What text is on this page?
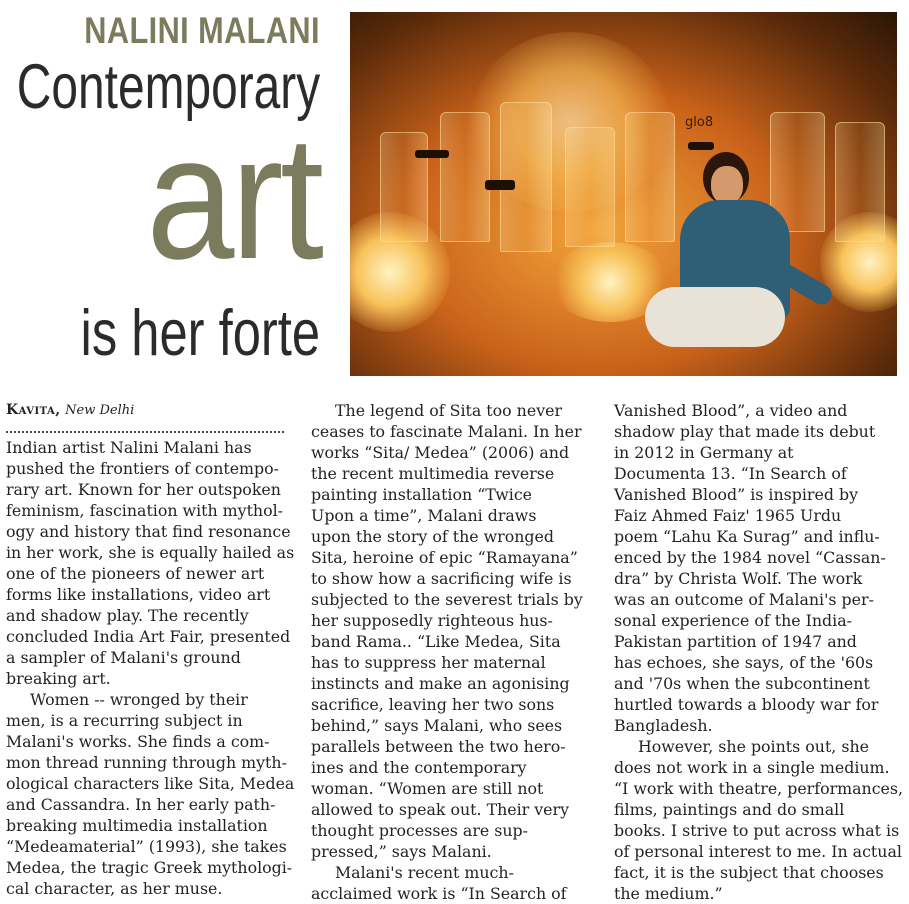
NALINI MALANI
Contemporary
art
is her forte
glo8
Kavita, New Delhi

Indian artist Nalini Malani has

pushed the frontiers of contempo-

rary art. Known for her outspoken

feminism, fascination with mythol-

ogy and history that find resonance

in her work, she is equally hailed as

one of the pioneers of newer art

forms like installations, video art

and shadow play. The recently

concluded India Art Fair, presented

a sampler of Malani's ground

breaking art.

Women -- wronged by their

men, is a recurring subject in

Malani's works. She finds a com-

mon thread running through myth-

ological characters like Sita, Medea

and Cassandra. In her early path-

breaking multimedia installation

“Medeamaterial” (1993), she takes

Medea, the tragic Greek mythologi-

cal character, as her muse.

The legend of Sita too never

ceases to fascinate Malani. In her

works “Sita/ Medea” (2006) and

the recent multimedia reverse

painting installation “Twice

Upon a time”, Malani draws

upon the story of the wronged

Sita, heroine of epic “Ramayana”

to show how a sacrificing wife is

subjected to the severest trials by

her supposedly righteous hus-

band Rama.. “Like Medea, Sita

has to suppress her maternal

instincts and make an agonising

sacrifice, leaving her two sons

behind,” says Malani, who sees

parallels between the two hero-

ines and the contemporary

woman. “Women are still not

allowed to speak out. Their very

thought processes are sup-

pressed,” says Malani.

Malani's recent much-

acclaimed work is “In Search of

Vanished Blood”, a video and

shadow play that made its debut

in 2012 in Germany at

Documenta 13. “In Search of

Vanished Blood” is inspired by

Faiz Ahmed Faiz' 1965 Urdu

poem “Lahu Ka Surag” and influ-

enced by the 1984 novel “Cassan-

dra” by Christa Wolf. The work

was an outcome of Malani's per-

sonal experience of the India-

Pakistan partition of 1947 and

has echoes, she says, of the '60s

and '70s when the subcontinent

hurtled towards a bloody war for

Bangladesh.

However, she points out, she

does not work in a single medium.

“I work with theatre, performances,

films, paintings and do small

books. I strive to put across what is

of personal interest to me. In actual

fact, it is the subject that chooses

the medium.”
